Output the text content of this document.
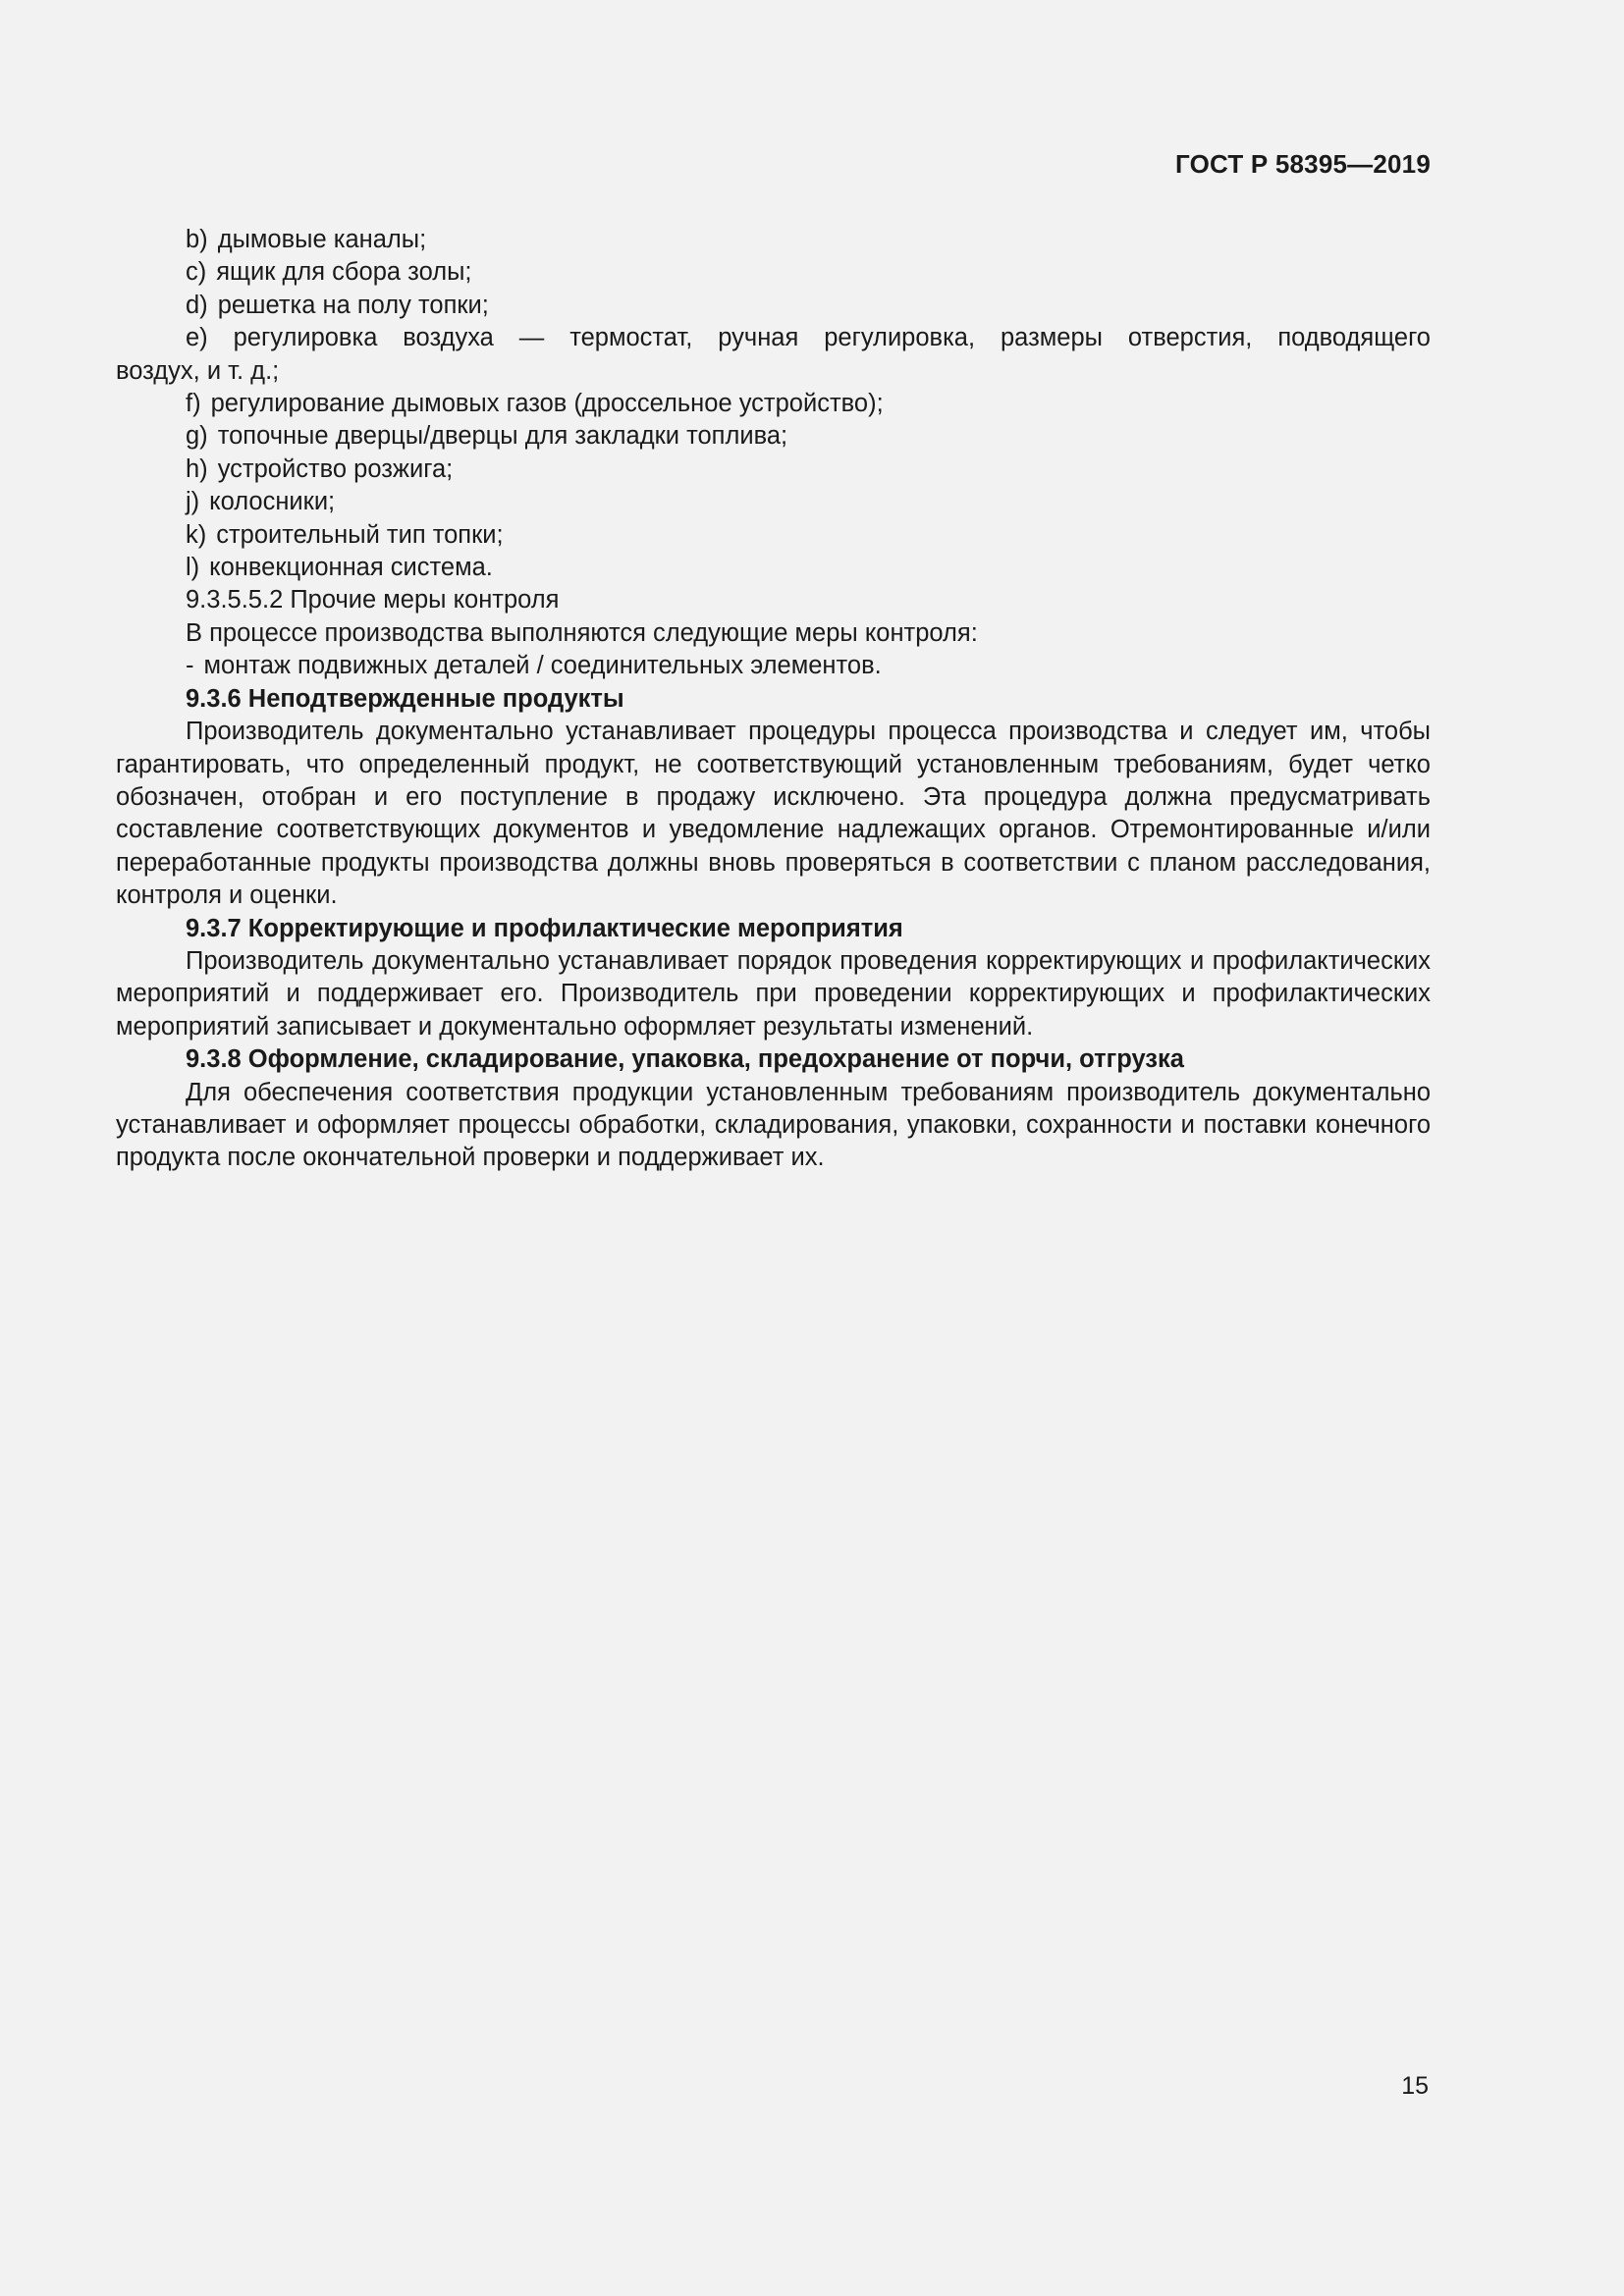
ГОСТ Р 58395—2019
b) дымовые каналы;
c) ящик для сбора золы;
d) решетка на полу топки;

e) регулировка воздуха — термостат, ручная регулировка, размеры отверстия, подводящего

воздух, и т. д.;

f) регулирование дымовых газов (дроссельное устройство);
g) топочные дверцы/дверцы для закладки топлива;
h) устройство розжига;
j) колосники;
k) строительный тип топки;
l) конвекционная система.

9.3.5.5.2 Прочие меры контроля

В процессе производства выполняются следующие меры контроля:

- монтаж подвижных деталей / соединительных элементов.

9.3.6 Неподтвержденные продукты

Производитель документально устанавливает процедуры процесса производства и следует им, чтобы гарантировать, что определенный продукт, не соответствующий установленным требованиям, будет четко обозначен, отобран и его поступление в продажу исключено. Эта процедура должна предусматривать составление соответствующих документов и уведомление надлежащих органов. Отремонтированные и/или переработанные продукты производства должны вновь проверяться в соответствии с планом расследования, контроля и оценки.

9.3.7 Корректирующие и профилактические мероприятия

Производитель документально устанавливает порядок проведения корректирующих и профилактических мероприятий и поддерживает его. Производитель при проведении корректирующих и профилактических мероприятий записывает и документально оформляет результаты изменений.

9.3.8 Оформление, складирование, упаковка, предохранение от порчи, отгрузка

Для обеспечения соответствия продукции установленным требованиям производитель документально устанавливает и оформляет процессы обработки, складирования, упаковки, сохранности и поставки конечного продукта после окончательной проверки и поддерживает их.

15
